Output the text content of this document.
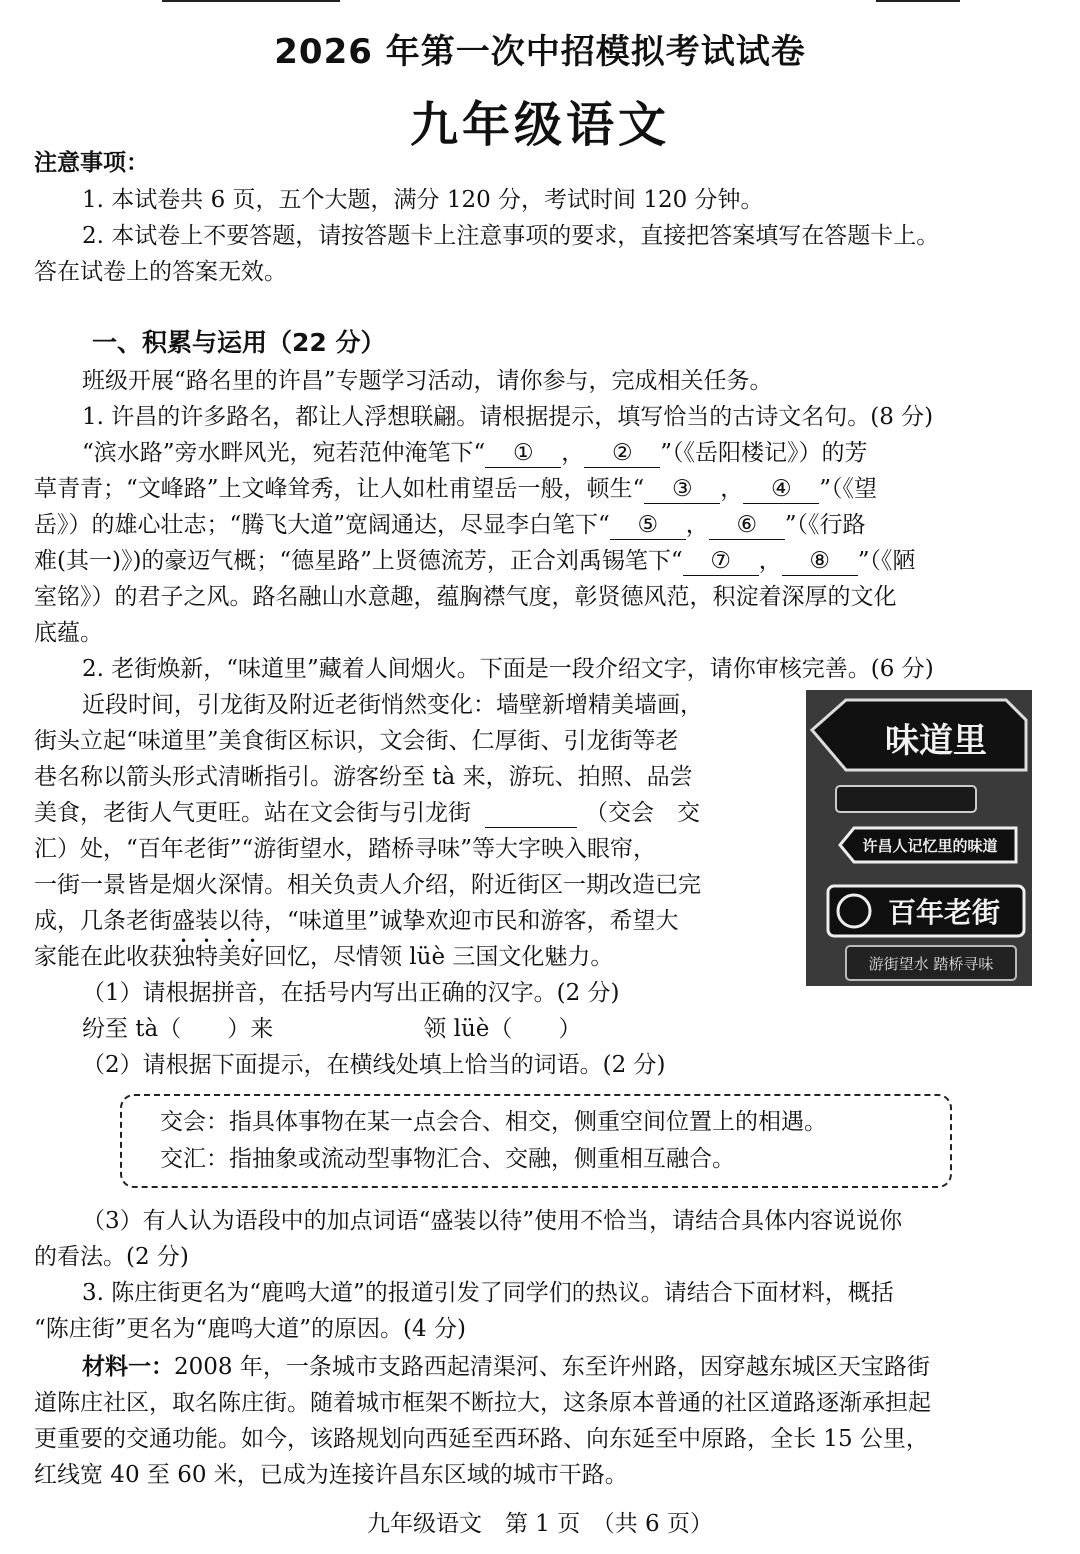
2026 年第一次中招模拟考试试卷
九年级语文
注意事项：
1. 本试卷共 6 页，五个大题，满分 120 分，考试时间 120 分钟。
2. 本试卷上不要答题，请按答题卡上注意事项的要求，直接把答案填写在答题卡上。
答在试卷上的答案无效。
一、积累与运用（22 分）
班级开展“路名里的许昌”专题学习活动，请你参与，完成相关任务。
1. 许昌的许多路名，都让人浮想联翩。请根据提示，填写恰当的古诗文名句。(8 分)
“滨水路”旁水畔风光，宛若范仲淹笔下“ ① ， ② ”（《岳阳楼记》）的芳
草青青；“文峰路”上文峰耸秀，让人如杜甫望岳一般，顿生“ ③ ， ④ ”（《望
岳》）的雄心壮志；“腾飞大道”宽阔通达，尽显李白笔下“ ⑤ ， ⑥ ”（《行路
难(其一)》)的豪迈气概；“德星路”上贤德流芳，正合刘禹锡笔下“ ⑦ ， ⑧ ”（《陋
室铭》）的君子之风。路名融山水意趣，蕴胸襟气度，彰贤德风范，积淀着深厚的文化
底蕴。
2. 老街焕新，“味道里”藏着人间烟火。下面是一段介绍文字，请你审核完善。(6 分)
近段时间，引龙街及附近老街悄然变化：墙壁新增精美墙画，
街头立起“味道里”美食街区标识，文会街、仁厚街、引龙街等老
巷名称以箭头形式清晰指引。游客纷至 tà 来，游玩、拍照、品尝
美食，老街人气更旺。站在文会街与引龙街	（交会　交
汇）处，“百年老街”“游街望水，踏桥寻味”等大字映入眼帘，
一街一景皆是烟火深情。相关负责人介绍，附近街区一期改造已完
成，几条老街盛装以待，“味道里”诚挚欢迎市民和游客，希望大
家能在此收获独特美好回忆，尽情领 lüè 三国文化魅力。
味道里
许昌人记忆里的味道
百年老街
游街望水 踏桥寻味
（1）请根据拼音，在括号内写出正确的汉字。(2 分)
纷至 tà（　　）来	领 lüè（　　）
（2）请根据下面提示，在横线处填上恰当的词语。(2 分)
交会：指具体事物在某一点会合、相交，侧重空间位置上的相遇。
交汇：指抽象或流动型事物汇合、交融，侧重相互融合。
（3）有人认为语段中的加点词语“盛装以待”使用不恰当，请结合具体内容说说你
的看法。(2 分)
3. 陈庄街更名为“鹿鸣大道”的报道引发了同学们的热议。请结合下面材料，概括
“陈庄街”更名为“鹿鸣大道”的原因。(4 分)
材料一：2008 年，一条城市支路西起清渠河、东至许州路，因穿越东城区天宝路街
道陈庄社区，取名陈庄街。随着城市框架不断拉大，这条原本普通的社区道路逐渐承担起
更重要的交通功能。如今，该路规划向西延至西环路、向东延至中原路，全长 15 公里，
红线宽 40 至 60 米，已成为连接许昌东区域的城市干路。
九年级语文　第 1 页　（共 6 页）
